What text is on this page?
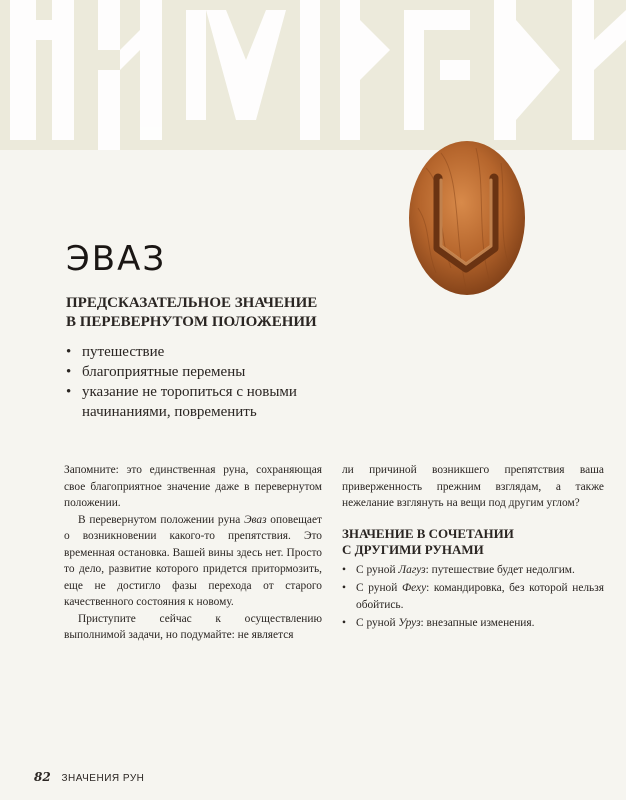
ЭВАЗ
ПРЕДСКАЗАТЕЛЬНОЕ ЗНАЧЕНИЕ
В ПЕРЕВЕРНУТОМ ПОЛОЖЕНИИ
• путешествие
• благоприятные перемены
• указание не торопиться с новыми начинаниями, повременить

Запомните: это единственная руна, сохраняющая свое благоприятное значение даже в перевернутом положении.

В перевернутом положении руна Эваз оповещает о возникновении какого-то препятствия. Это временная остановка. Вашей вины здесь нет. Просто то дело, развитие которого придется притормозить, еще не достигло фазы перехода от старого качественного состояния к новому.

Приступите сейчас к осуществлению выполнимой задачи, но подумайте: не является

ли причиной возникшего препятствия ваша приверженность прежним взглядам, а также нежелание взглянуть на вещи под другим углом?

ЗНАЧЕНИЕ В СОЧЕТАНИИ
С ДРУГИМИ РУНАМИ
• С руной Лагуз: путешествие будет недолгим.
• С руной Феху: командировка, без которой нельзя обойтись.
• С руной Уруз: внезапные изменения.
82 ЗНАЧЕНИЯ РУН
